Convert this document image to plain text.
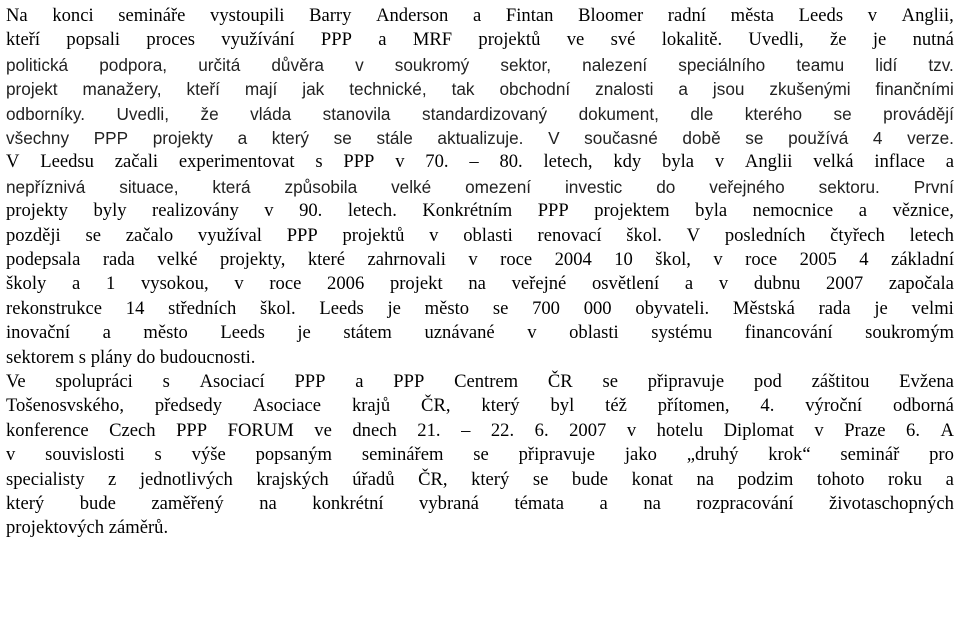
Na konci semináře vystoupili Barry Anderson a Fintan Bloomer radní města Leeds v Anglii,
kteří popsali proces využívání PPP a MRF projektů ve své lokalitě. Uvedli, že je nutná
politická podpora, určitá důvěra v soukromý sektor, nalezení speciálního teamu lidí tzv.
projekt manažery, kteří mají jak technické, tak obchodní znalosti a jsou zkušenými finančními
odborníky. Uvedli, že vláda stanovila standardizovaný dokument, dle kterého se provádějí
všechny PPP projekty a který se stále aktualizuje. V současné době se používá 4 verze.
V Leedsu začali experimentovat s PPP v 70. – 80. letech, kdy byla v Anglii velká inflace a
nepříznivá situace, která způsobila velké omezení investic do veřejného sektoru. První
projekty byly realizovány v 90. letech. Konkrétním PPP projektem byla nemocnice a věznice,
později se začalo využíval PPP projektů v oblasti renovací škol. V posledních čtyřech letech
podepsala rada velké projekty, které zahrnovali v roce 2004 10 škol, v roce 2005 4 základní
školy a 1 vysokou, v roce 2006 projekt na veřejné osvětlení a v dubnu 2007 započala
rekonstrukce 14 středních škol. Leeds je město se 700 000 obyvateli. Městská rada je velmi
inovační a město Leeds je státem uznávané v oblasti systému financování soukromým
sektorem s plány do budoucnosti.
Ve spolupráci s Asociací PPP a PPP Centrem ČR se připravuje pod záštitou Evžena
Tošenosvského, předsedy Asociace krajů ČR, který byl též přítomen, 4. výroční odborná
konference Czech PPP FORUM ve dnech 21. – 22. 6. 2007 v hotelu Diplomat v Praze 6. A
v souvislosti s výše popsaným seminářem se připravuje jako „druhý krok“ seminář pro
specialisty z jednotlivých krajských úřadů ČR, který se bude konat na podzim tohoto roku a
který bude zaměřený na konkrétní vybraná témata a na rozpracování životaschopných
projektových záměrů.
